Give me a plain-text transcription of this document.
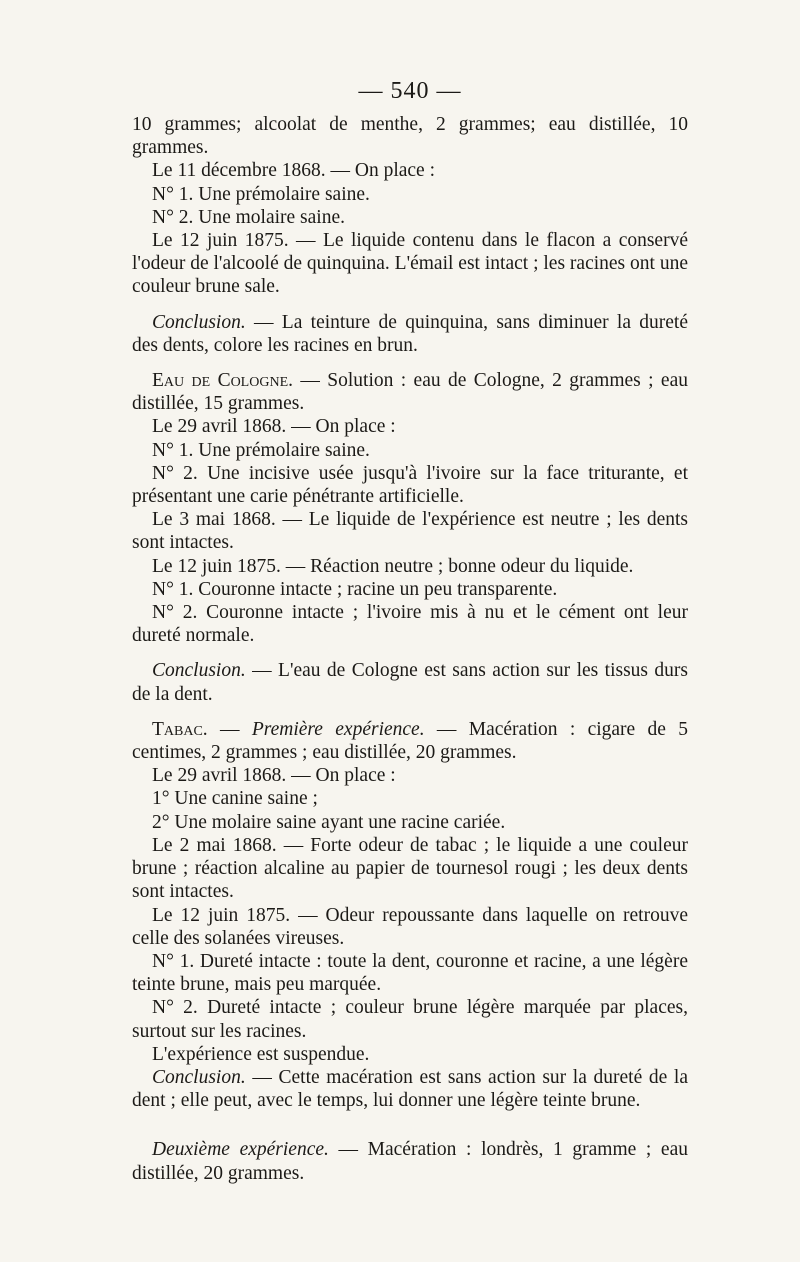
— 540 —

10 grammes; alcoolat de menthe, 2 grammes; eau distillée, 10 grammes.

Le 11 décembre 1868. — On place :

N° 1. Une prémolaire saine.

N° 2. Une molaire saine.

Le 12 juin 1875. — Le liquide contenu dans le flacon a conservé l'odeur de l'alcoolé de quinquina. L'émail est intact ; les racines ont une couleur brune sale.

Conclusion. — La teinture de quinquina, sans diminuer la dureté des dents, colore les racines en brun.

Eau de Cologne. — Solution : eau de Cologne, 2 grammes ; eau distillée, 15 grammes.

Le 29 avril 1868. — On place :

N° 1. Une prémolaire saine.

N° 2. Une incisive usée jusqu'à l'ivoire sur la face triturante, et présentant une carie pénétrante artificielle.

Le 3 mai 1868. — Le liquide de l'expérience est neutre ; les dents sont intactes.

Le 12 juin 1875. — Réaction neutre ; bonne odeur du liquide.

N° 1. Couronne intacte ; racine un peu transparente.

N° 2. Couronne intacte ; l'ivoire mis à nu et le cément ont leur dureté normale.

Conclusion. — L'eau de Cologne est sans action sur les tissus durs de la dent.

Tabac. — Première expérience. — Macération : cigare de 5 centimes, 2 grammes ; eau distillée, 20 grammes.

Le 29 avril 1868. — On place :

1° Une canine saine ;

2° Une molaire saine ayant une racine cariée.

Le 2 mai 1868. — Forte odeur de tabac ; le liquide a une couleur brune ; réaction alcaline au papier de tournesol rougi ; les deux dents sont intactes.

Le 12 juin 1875. — Odeur repoussante dans laquelle on retrouve celle des solanées vireuses.

N° 1. Dureté intacte : toute la dent, couronne et racine, a une légère teinte brune, mais peu marquée.

N° 2. Dureté intacte ; couleur brune légère marquée par places, surtout sur les racines.

L'expérience est suspendue.

Conclusion. — Cette macération est sans action sur la dureté de la dent ; elle peut, avec le temps, lui donner une légère teinte brune.

Deuxième expérience. — Macération : londrès, 1 gramme ; eau distillée, 20 grammes.
